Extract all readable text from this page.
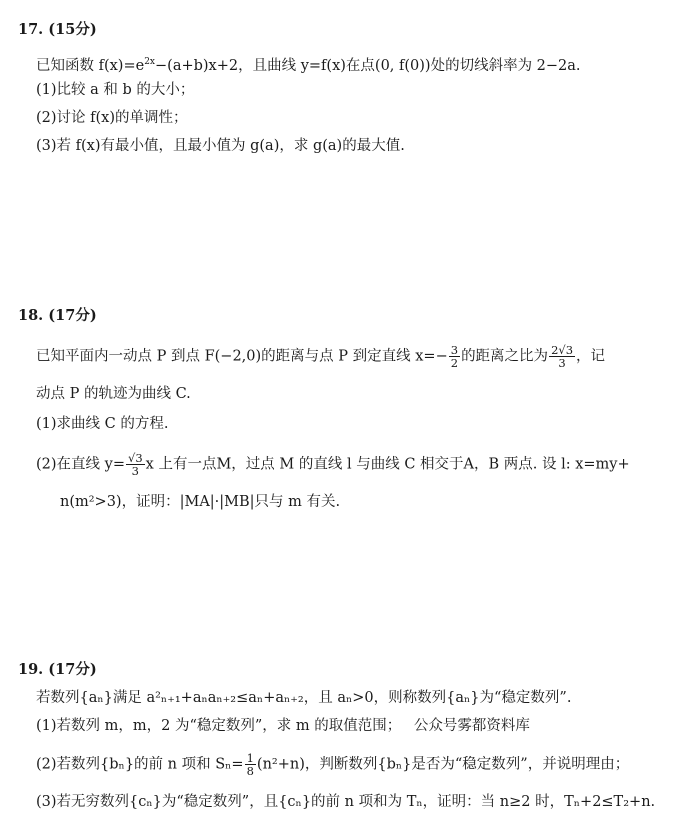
17. (15分)
已知函数 $f(x)=e^{2x}-(a+b)x+2$，且曲线 y=f(x)在点(0, f(0))处的切线斜率为 2−2a.
(1)比较 a 和 b 的大小；
(2)讨论 f(x)的单调性；
(3)若 f(x)有最小值，且最小值为 g(a)，求 g(a)的最大值.
18. (17分)
已知平面内一动点 P 到点 F(−2,0)的距离与点 P 到定直线 $x=- \frac{3}{2}$ 的距离之比为 $\frac{2√3}{3}$ ，记
动点 P 的轨迹为曲线 C.
(1)求曲线 C 的方程.
(2)在直线 $y= \frac{√3}{3}$ x 上有一点M，过点 M 的直线 l 与曲线 C 相交于A，B 两点. 设 l: x=my+
n(m²>3)，证明：|MA|·|MB|只与 m 有关.
19. (17分)
若数列{aₙ}满足 a²ₙ₊₁+aₙaₙ₊₂≤aₙ+aₙ₊₂，且 aₙ>0，则称数列{aₙ}为“稳定数列”.
(1)若数列 m，m，2 为“稳定数列”，求 m 的取值范围； 公众号雾都资料库
(2)若数列{bₙ}的前 n 项和 $S_n= \frac{1}{8} (n^2+n)$，判断数列{bₙ}是否为“稳定数列”，并说明理由；
(3)若无穷数列{cₙ}为“稳定数列”，且{cₙ}的前 n 项和为 Tₙ，证明：当 n≥2 时，Tₙ+2≤T₂+n.
